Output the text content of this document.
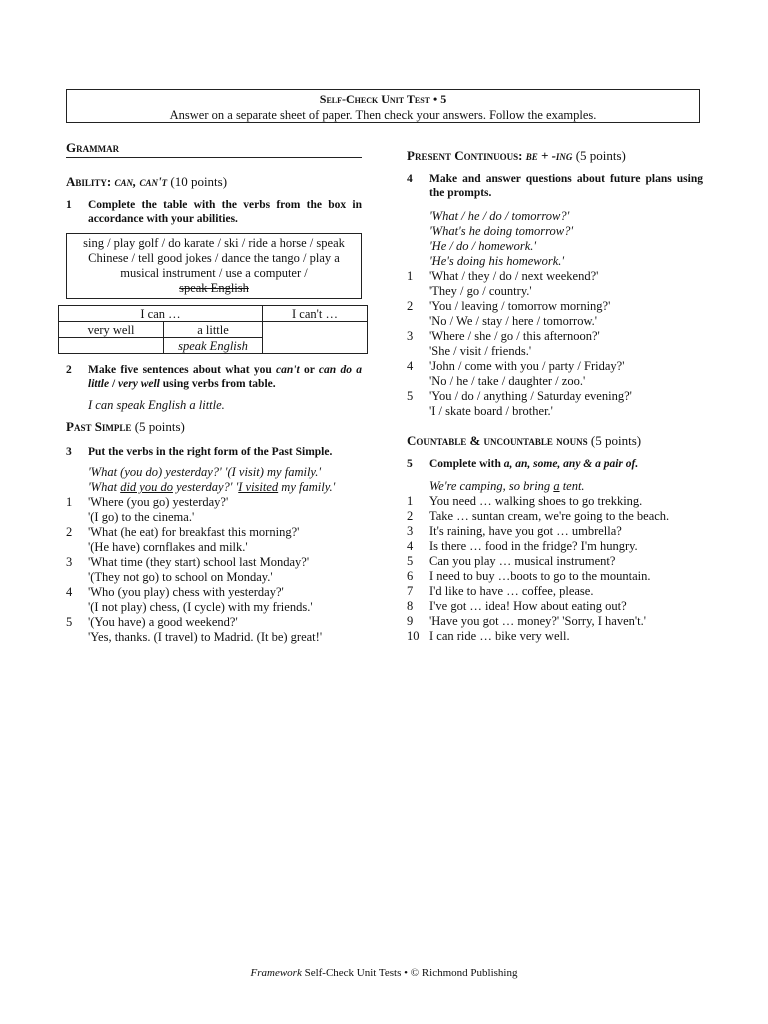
Self-Check Unit Test • 5
Answer on a separate sheet of paper. Then check your answers. Follow the examples.
Grammar
Ability: can, can't (10 points)
1	Complete the table with the verbs from the box in accordance with your abilities.
sing / play golf / do karate / ski / ride a horse / speak Chinese / tell good jokes / dance the tango / play a musical instrument / use a computer /
speak English
I can …		I can't …
very well	a little	
	speak English	
2	Make five sentences about what you can't or can do a little / very well using verbs from table.
I can speak English a little.
Past Simple (5 points)
3	Put the verbs in the right form of the Past Simple.
'What (you do) yesterday?' '(I visit) my family.'
'What did you do yesterday?' 'I visited my family.'
1	'Where (you go) yesterday?'
'(I go) to the cinema.'
2	'What (he eat) for breakfast this morning?'
'(He have) cornflakes and milk.'
3	'What time (they start) school last Monday?'
'(They not go) to school on Monday.'
4	'Who (you play) chess with yesterday?'
'(I not play) chess, (I cycle) with my friends.'
5	'(You have) a good weekend?'
'Yes, thanks. (I travel) to Madrid. (It be) great!'
Present Continuous: be + -ing (5 points)
4	Make and answer questions about future plans using the prompts.
'What / he / do / tomorrow?'
'What's he doing tomorrow?'
'He / do / homework.'
'He's doing his homework.'
1	'What / they / do / next weekend?'
'They / go / country.'
2	'You / leaving / tomorrow morning?'
'No / We / stay / here / tomorrow.'
3	'Where / she / go / this afternoon?'
'She / visit / friends.'
4	'John / come with you / party / Friday?'
'No / he / take / daughter / zoo.'
5	'You / do / anything / Saturday evening?'
'I / skate board / brother.'
Countable & uncountable nouns (5 points)
5	Complete with a, an, some, any & a pair of.
We're camping, so bring a tent.
1	You need … walking shoes to go trekking.
2	Take … suntan cream, we're going to the beach.
3	It's raining, have you got … umbrella?
4	Is there … food in the fridge? I'm hungry.
5	Can you play … musical instrument?
6	I need to buy …boots to go to the mountain.
7	I'd like to have … coffee, please.
8	I've got … idea! How about eating out?
9	'Have you got … money?' 'Sorry, I haven't.'
10 I can ride … bike very well.
Framework Self-Check Unit Tests • © Richmond Publishing
